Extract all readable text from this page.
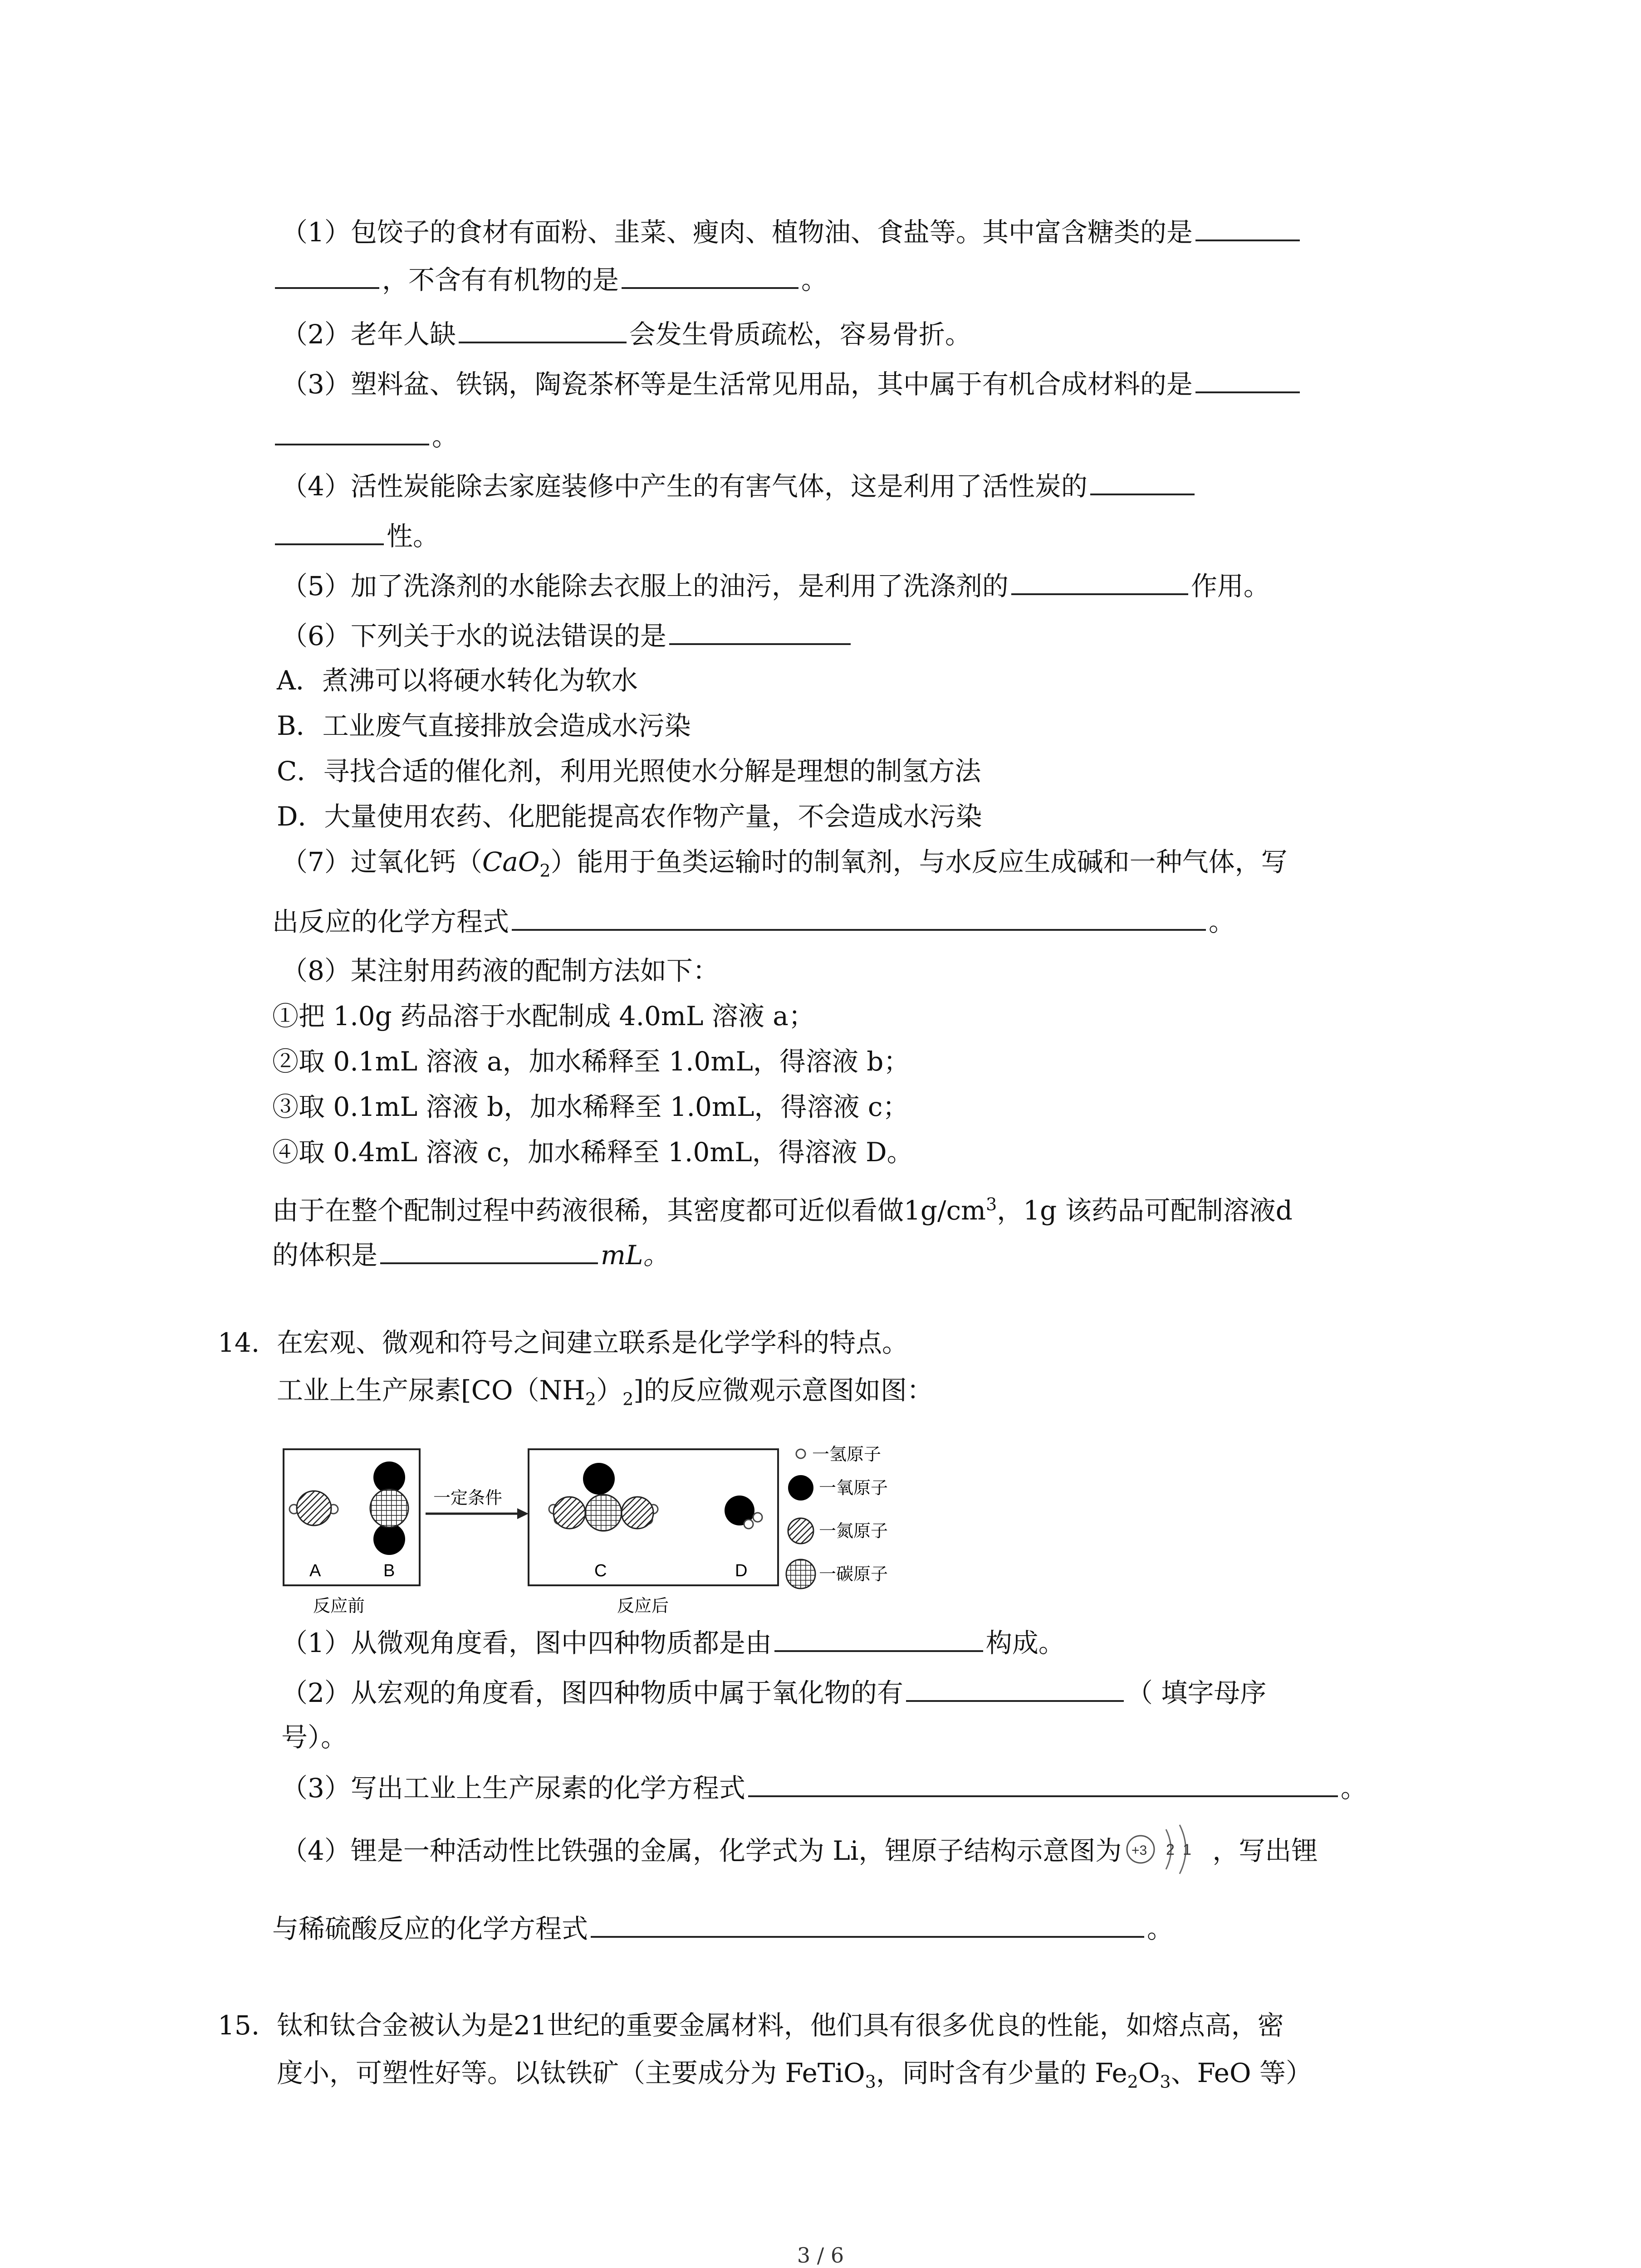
（1）包饺子的食材有面粉、韭菜、瘦肉、植物油、食盐等。其中富含糖类的是
，不含有有机物的是	。
（2）老年人缺	会发生骨质疏松，容易骨折。
（3）塑料盆、铁锅，陶瓷茶杯等是生活常见用品，其中属于有机合成材料的是
。
（4）活性炭能除去家庭装修中产生的有害气体，这是利用了活性炭的
性。
（5）加了洗涤剂的水能除去衣服上的油污，是利用了洗涤剂的	作用。
（6）下列关于水的说法错误的是
A．煮沸可以将硬水转化为软水
B．工业废气直接排放会造成水污染
C．寻找合适的催化剂，利用光照使水分解是理想的制氢方法
D．大量使用农药、化肥能提高农作物产量，不会造成水污染
（7）过氧化钙（CaO$_2$）能用于鱼类运输时的制氧剂，与水反应生成碱和一种气体，写
出反应的化学方程式	。
（8）某注射用药液的配制方法如下：
①把 1.0g 药品溶于水配制成 4.0mL 溶液 a；
②取 0.1mL 溶液 a，加水稀释至 1.0mL，得溶液 b；
③取 0.1mL 溶液 b，加水稀释至 1.0mL，得溶液 c；
④取 0.4mL 溶液 c，加水稀释至 1.0mL，得溶液 D。
由于在整个配制过程中药液很稀，其密度都可近似看做$1g/cm^3$，1g 该药品可配制溶液d
的体积是	mL。
14. 在宏观、微观和符号之间建立联系是化学学科的特点。
工业上生产尿素$[CO(NH_2)_2]$的反应微观示意图如图：
A	B
反应前
一定条件
C	D
反应后
一氢原子
一氧原子
一氮原子
一碳原子
（1）从微观角度看，图中四种物质都是由	构成。
（2）从宏观的角度看，图四种物质中属于氧化物的有	（ 填字母序
号）。
（3）写出工业上生产尿素的化学方程式	。
（4）锂是一种活动性比铁强的金属，化学式为 Li，锂原子结构示意图为 +3 2 1 ，写出锂
与稀硫酸反应的化学方程式	。
15. 钛和钛合金被认为是21世纪的重要金属材料，他们具有很多优良的性能，如熔点高，密
度小，可塑性好等。以钛铁矿（主要成分为 FeTiO$_3$，同时含有少量的 $Fe_2O_3$、FeO 等）
3 / 6
